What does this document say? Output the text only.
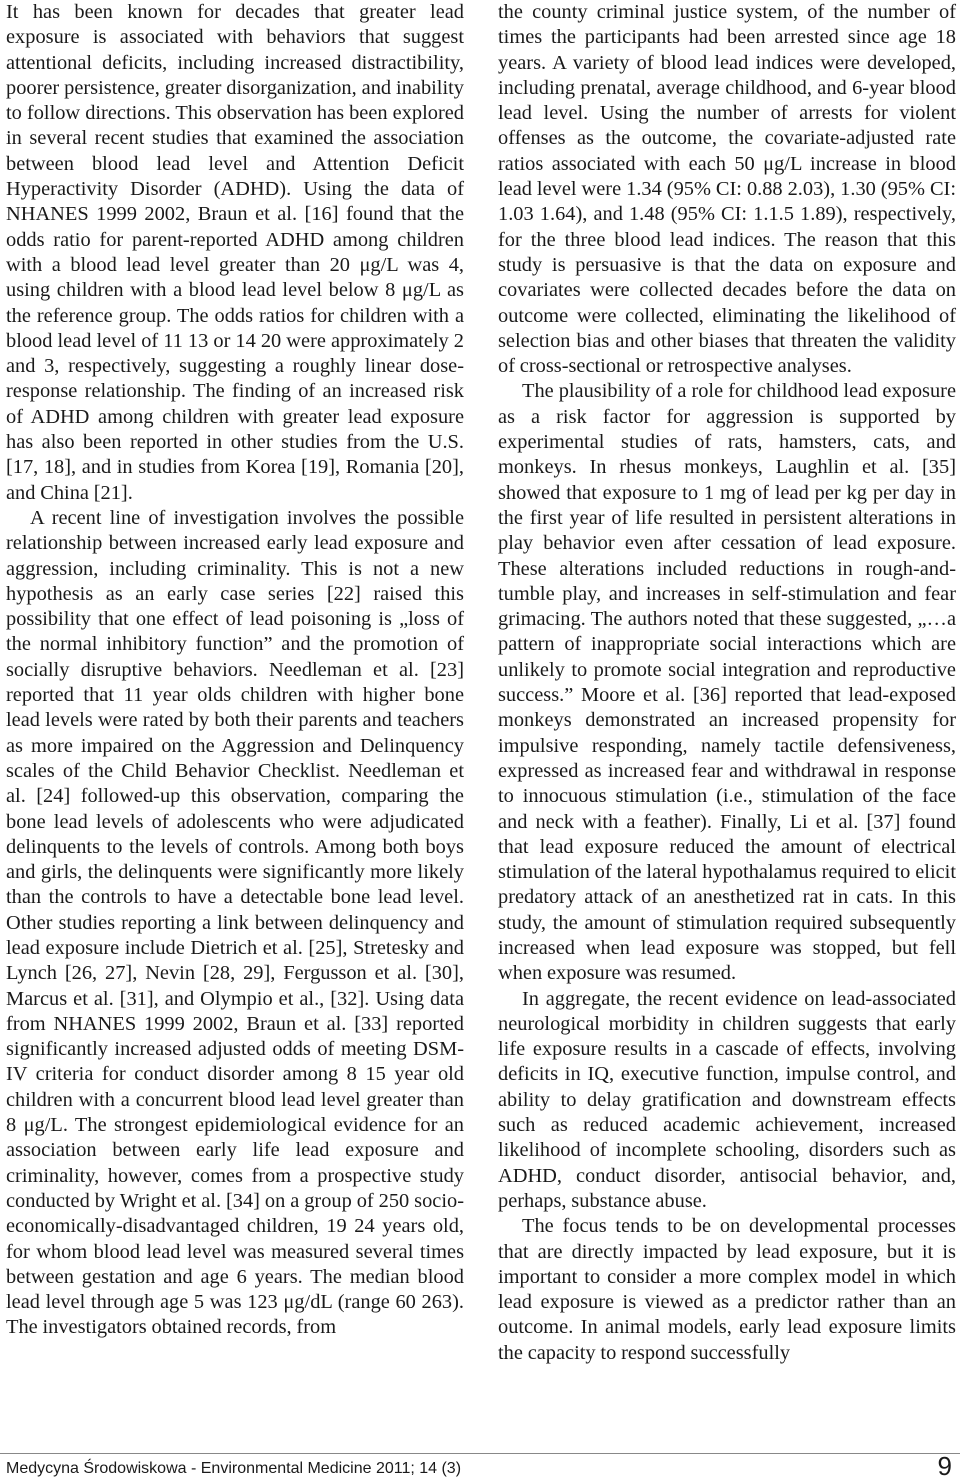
It has been known for decades that greater lead exposure is associated with behaviors that suggest attentional deficits, including increased distractibility, poorer persistence, greater disorganization, and inability to follow directions. This observation has been explored in several recent studies that examined the association between blood lead level and Attention Deficit Hyperactivity Disorder (ADHD). Using the data of NHANES 1999 2002, Braun et al. [16] found that the odds ratio for parent-reported ADHD among children with a blood lead level greater than 20 μg/L was 4, using children with a blood lead level below 8 μg/L as the reference group. The odds ratios for children with a blood lead level of 11 13 or 14 20 were approximately 2 and 3, respectively, suggesting a roughly linear dose-response relationship. The finding of an increased risk of ADHD among children with greater lead exposure has also been reported in other studies from the U.S. [17, 18], and in studies from Korea [19], Romania [20], and China [21].

A recent line of investigation involves the possible relationship between increased early lead exposure and aggression, including criminality. This is not a new hypothesis as an early case series [22] raised this possibility that one effect of lead poisoning is „loss of the normal inhibitory function” and the promotion of socially disruptive behaviors. Needleman et al. [23] reported that 11 year olds children with higher bone lead levels were rated by both their parents and teachers as more impaired on the Aggression and Delinquency scales of the Child Behavior Checklist. Needleman et al. [24] followed-up this observation, comparing the bone lead levels of adolescents who were adjudicated delinquents to the levels of controls. Among both boys and girls, the delinquents were significantly more likely than the controls to have a detectable bone lead level. Other studies reporting a link between delinquency and lead exposure include Dietrich et al. [25], Stretesky and Lynch [26, 27], Nevin [28, 29], Fergusson et al. [30], Marcus et al. [31], and Olympio et al., [32]. Using data from NHANES 1999 2002, Braun et al. [33] reported significantly increased adjusted odds of meeting DSM-IV criteria for conduct disorder among 8 15 year old children with a concurrent blood lead level greater than 8 μg/L. The strongest epidemiological evidence for an association between early life lead exposure and criminality, however, comes from a prospective study conducted by Wright et al. [34] on a group of 250 socio-economically-disadvantaged children, 19 24 years old, for whom blood lead level was measured several times between gestation and age 6 years. The median blood lead level through age 5 was 123 μg/dL (range 60 263). The investigators obtained records, from

the county criminal justice system, of the number of times the participants had been arrested since age 18 years. A variety of blood lead indices were developed, including prenatal, average childhood, and 6-year blood lead level. Using the number of arrests for violent offenses as the outcome, the covariate-adjusted rate ratios associated with each 50 μg/L increase in blood lead level were 1.34 (95% CI: 0.88 2.03), 1.30 (95% CI: 1.03 1.64), and 1.48 (95% CI: 1.1.5 1.89), respectively, for the three blood lead indices. The reason that this study is persuasive is that the data on exposure and covariates were collected decades before the data on outcome were collected, eliminating the likelihood of selection bias and other biases that threaten the validity of cross-sectional or retrospective analyses.

The plausibility of a role for childhood lead exposure as a risk factor for aggression is supported by experimental studies of rats, hamsters, cats, and monkeys. In rhesus monkeys, Laughlin et al. [35] showed that exposure to 1 mg of lead per kg per day in the first year of life resulted in persistent alterations in play behavior even after cessation of lead exposure. These alterations included reductions in rough-and-tumble play, and increases in self-stimulation and fear grimacing. The authors noted that these suggested, „…a pattern of inappropriate social interactions which are unlikely to promote social integration and reproductive success.” Moore et al. [36] reported that lead-exposed monkeys demonstrated an increased propensity for impulsive responding, namely tactile defensiveness, expressed as increased fear and withdrawal in response to innocuous stimulation (i.e., stimulation of the face and neck with a feather). Finally, Li et al. [37] found that lead exposure reduced the amount of electrical stimulation of the lateral hypothalamus required to elicit predatory attack of an anesthetized rat in cats. In this study, the amount of stimulation required subsequently increased when lead exposure was stopped, but fell when exposure was resumed.

In aggregate, the recent evidence on lead-associated neurological morbidity in children suggests that early life exposure results in a cascade of effects, involving deficits in IQ, executive function, impulse control, and ability to delay gratification and downstream effects such as reduced academic achievement, increased likelihood of incomplete schooling, disorders such as ADHD, conduct disorder, antisocial behavior, and, perhaps, substance abuse.

The focus tends to be on developmental processes that are directly impacted by lead exposure, but it is important to consider a more complex model in which lead exposure is viewed as a predictor rather than an outcome. In animal models, early lead exposure limits the capacity to respond successfully

Medycyna Środowiskowa - Environmental Medicine 2011; 14 (3)	9
